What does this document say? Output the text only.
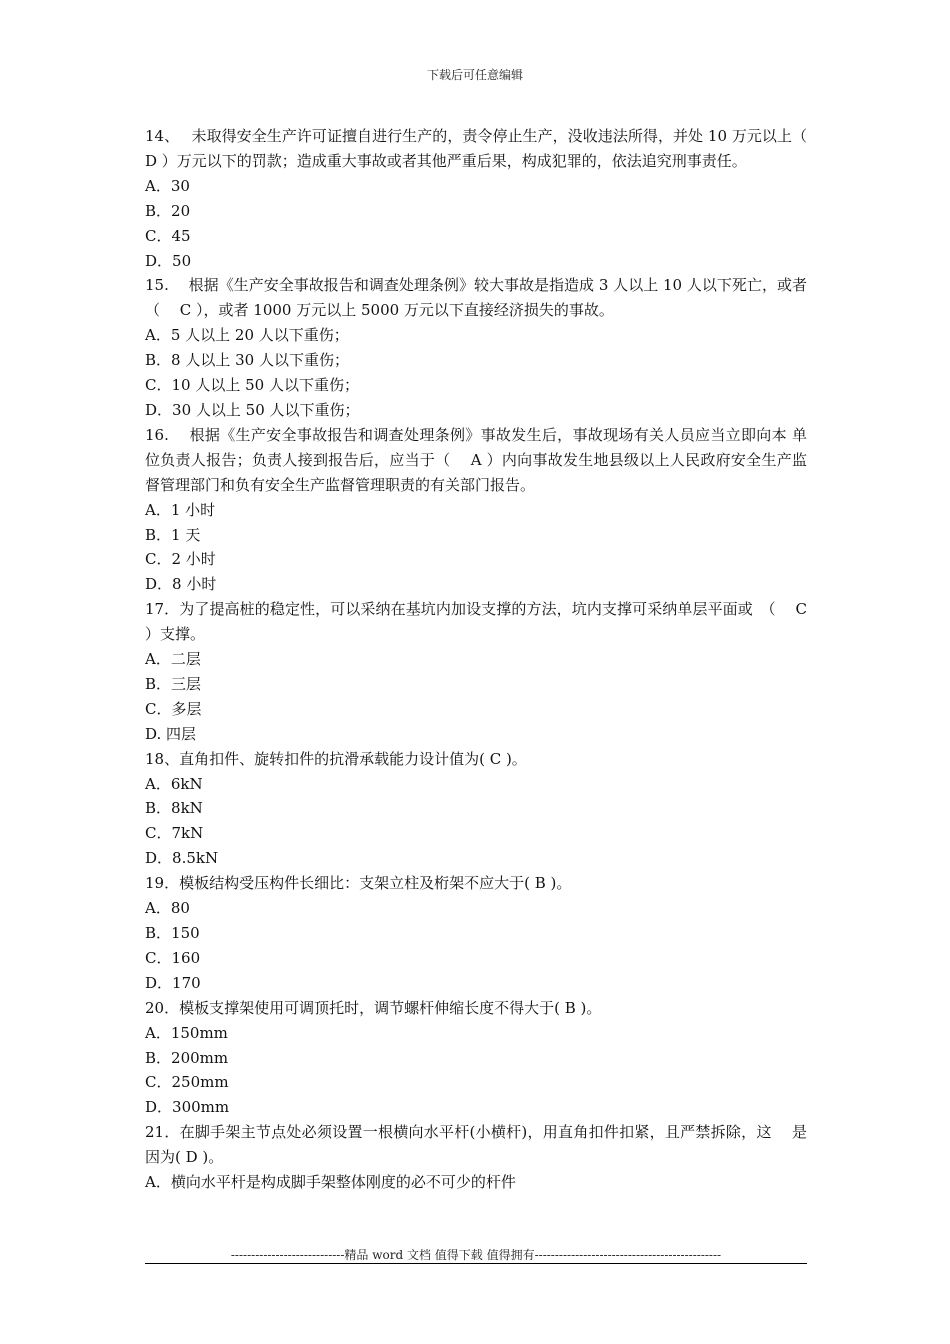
下载后可任意编辑
14、　 未取得安全生产许可证擅自进行生产的，责令停止生产，没收违法所得，并处 10 万元以上（　　　 D ）万元以下的罚款；造成重大事故或者其他严重后果，构成犯罪的，依法追究刑事责任。
A．30
B．20
C．45
D．50
15.　 根据《生产安全事故报告和调查处理条例》较大事故是指造成 3 人以上 10 人以下死亡，或者（　 C ），或者 1000 万元以上 5000 万元以下直接经济损失的事故。
A．5 人以上 20 人以下重伤；
B．8 人以上 30 人以下重伤；
C．10 人以上 50 人以下重伤；
D．30 人以上 50 人以下重伤；
16.　 根据《生产安全事故报告和调查处理条例》事故发生后，事故现场有关人员应当立即向本 单位负责人报告；负责人接到报告后，应当于（　 A ）内向事故发生地县级以上人民政府安全生产监督管理部门和负有安全生产监督管理职责的有关部门报告。
A．1 小时
B．1 天
C．2 小时
D．8 小时
17．为了提高桩的稳定性，可以采纳在基坑内加设支撑的方法，坑内支撑可采纳单层平面或　（　 C ）支撑。
A．二层
B．三层
C．多层
D. 四层
18、直角扣件、旋转扣件的抗滑承载能力设计值为( C )。
A．6kN
B．8kN
C．7kN
D．8.5kN
19．模板结构受压构件长细比：支架立柱及桁架不应大于( B )。
A．80
B．150
C．160
D．170
20．模板支撑架使用可调顶托时，调节螺杆伸缩长度不得大于( B )。
A．150mm
B．200mm
C．250mm
D．300mm
21．在脚手架主节点处必须设置一根横向水平杆(小横杆)，用直角扣件扣紧，且严禁拆除，这　 是因为( D )。
A．横向水平杆是构成脚手架整体刚度的必不可少的杆件
----------------------------精品 word 文档 值得下载 值得拥有----------------------------------------------
